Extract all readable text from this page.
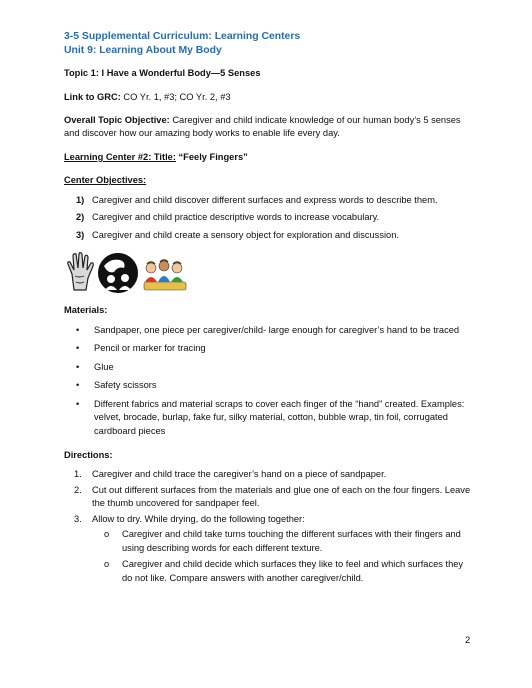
3-5 Supplemental Curriculum: Learning Centers
Unit 9: Learning About My Body

Topic 1: I Have a Wonderful Body—5 Senses

Link to GRC: CO Yr. 1, #3; CO Yr. 2, #3

Overall Topic Objective: Caregiver and child indicate knowledge of our human body’s 5 senses and discover how our amazing body works to enable life every day.

Learning Center #2: Title: “Feely Fingers”

Center Objectives:

1) Caregiver and child discover different surfaces and express words to describe them.
2) Caregiver and child practice descriptive words to increase vocabulary.
3) Caregiver and child create a sensory object for exploration and discussion.

Materials:

• Sandpaper, one piece per caregiver/child- large enough for caregiver’s hand to be traced
• Pencil or marker for tracing
• Glue
• Safety scissors
• Different fabrics and material scraps to cover each finger of the “hand” created. Examples: velvet, brocade, burlap, fake fur, silky material, cotton, bubble wrap, tin foil, corrugated cardboard pieces

Directions:

1. Caregiver and child trace the caregiver’s hand on a piece of sandpaper.
2. Cut out different surfaces from the materials and glue one of each on the four fingers. Leave the thumb uncovered for sandpaper feel.
3. Allow to dry. While drying, do the following together:
o Caregiver and child take turns touching the different surfaces with their fingers and using describing words for each different texture.
o Caregiver and child decide which surfaces they like to feel and which surfaces they do not like. Compare answers with another caregiver/child.
2
